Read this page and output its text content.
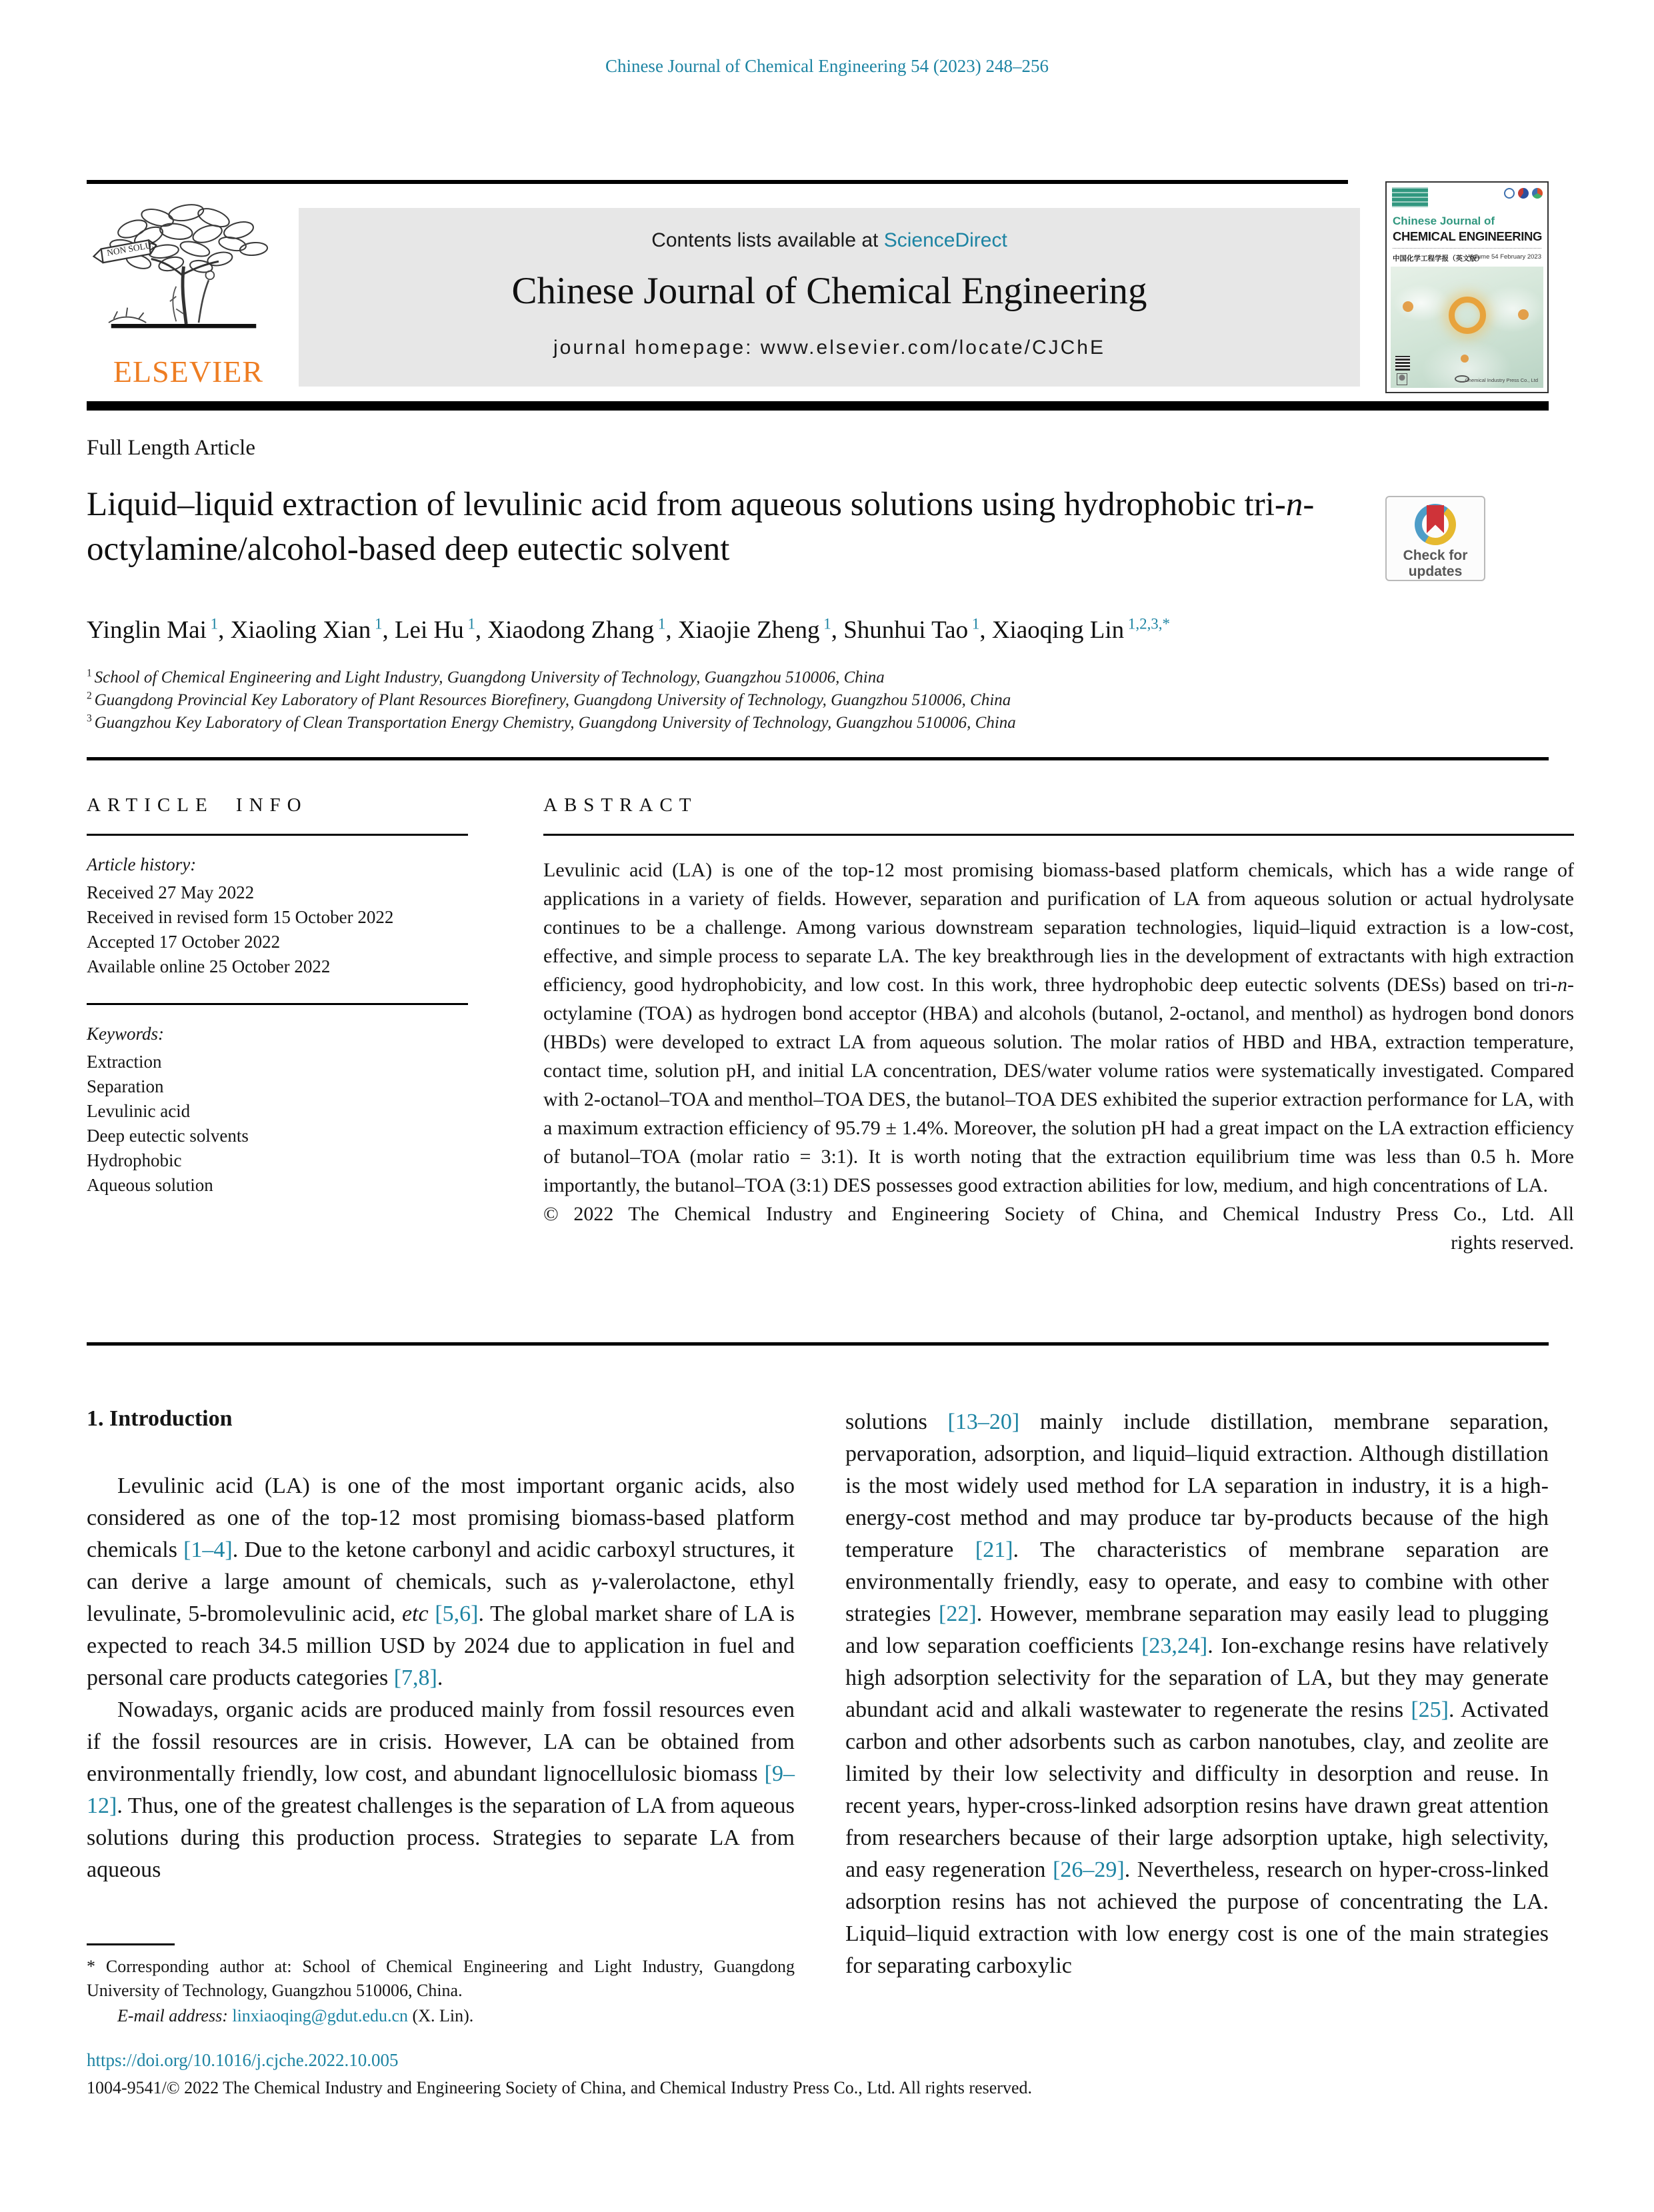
Chinese Journal of Chemical Engineering 54 (2023) 248–256
NON SOLUS
ELSEVIER
Contents lists available at ScienceDirect
Chinese Journal of Chemical Engineering
journal homepage: www.elsevier.com/locate/CJChE
Chinese Journal of
CHEMICAL ENGINEERING
中国化学工程学报（英文版）
Volume 54 February 2023
Chemical Industry Press Co., Ltd
Full Length Article
Liquid–liquid extraction of levulinic acid from aqueous solutions using hydrophobic tri-n-octylamine/alcohol-based deep eutectic solvent	Check for updates
Yinglin Mai $^1$, Xiaoling Xian $^1$, Lei Hu $^1$, Xiaodong Zhang $^1$, Xiaojie Zheng $^1$, Shunhui Tao $^1$, Xiaoqing Lin $^{1,2,3,*}$
$^1$ School of Chemical Engineering and Light Industry, Guangdong University of Technology, Guangzhou 510006, China
$^2$ Guangdong Provincial Key Laboratory of Plant Resources Biorefinery, Guangdong University of Technology, Guangzhou 510006, China
$^3$ Guangzhou Key Laboratory of Clean Transportation Energy Chemistry, Guangdong University of Technology, Guangzhou 510006, China
ARTICLE INFO
Article history:
Received 27 May 2022
Received in revised form 15 October 2022
Accepted 17 October 2022
Available online 25 October 2022
Keywords:
Extraction
Separation
Levulinic acid
Deep eutectic solvents
Hydrophobic
Aqueous solution
ABSTRACT
Levulinic acid (LA) is one of the top-12 most promising biomass-based platform chemicals, which has a wide range of applications in a variety of fields. However, separation and purification of LA from aqueous solution or actual hydrolysate continues to be a challenge. Among various downstream separation technologies, liquid–liquid extraction is a low-cost, effective, and simple process to separate LA. The key breakthrough lies in the development of extractants with high extraction efficiency, good hydrophobicity, and low cost. In this work, three hydrophobic deep eutectic solvents (DESs) based on tri-n-octylamine (TOA) as hydrogen bond acceptor (HBA) and alcohols (butanol, 2-octanol, and menthol) as hydrogen bond donors (HBDs) were developed to extract LA from aqueous solution. The molar ratios of HBD and HBA, extraction temperature, contact time, solution pH, and initial LA concentration, DES/water volume ratios were systematically investigated. Compared with 2-octanol–TOA and menthol–TOA DES, the butanol–TOA DES exhibited the superior extraction performance for LA, with a maximum extraction efficiency of 95.79 ± 1.4%. Moreover, the solution pH had a great impact on the LA extraction efficiency of butanol–TOA (molar ratio = 3:1). It is worth noting that the extraction equilibrium time was less than 0.5 h. More importantly, the butanol–TOA (3:1) DES possesses good extraction abilities for low, medium, and high concentrations of LA.
© 2022 The Chemical Industry and Engineering Society of China, and Chemical Industry Press Co., Ltd. All
rights reserved.
1. Introduction

Levulinic acid (LA) is one of the most important organic acids, also considered as one of the top-12 most promising biomass-based platform chemicals [1–4]. Due to the ketone carbonyl and acidic carboxyl structures, it can derive a large amount of chemicals, such as γ-valerolactone, ethyl levulinate, 5-bromolevulinic acid, etc [5,6]. The global market share of LA is expected to reach 34.5 million USD by 2024 due to application in fuel and personal care products categories [7,8].

Nowadays, organic acids are produced mainly from fossil resources even if the fossil resources are in crisis. However, LA can be obtained from environmentally friendly, low cost, and abundant lignocellulosic biomass [9–12]. Thus, one of the greatest challenges is the separation of LA from aqueous solutions during this production process. Strategies to separate LA from aqueous

solutions [13–20] mainly include distillation, membrane separation, pervaporation, adsorption, and liquid–liquid extraction. Although distillation is the most widely used method for LA separation in industry, it is a high-energy-cost method and may produce tar by-products because of the high temperature [21]. The characteristics of membrane separation are environmentally friendly, easy to operate, and easy to combine with other strategies [22]. However, membrane separation may easily lead to plugging and low separation coefficients [23,24]. Ion-exchange resins have relatively high adsorption selectivity for the separation of LA, but they may generate abundant acid and alkali wastewater to regenerate the resins [25]. Activated carbon and other adsorbents such as carbon nanotubes, clay, and zeolite are limited by their low selectivity and difficulty in desorption and reuse. In recent years, hyper-cross-linked adsorption resins have drawn great attention from researchers because of their large adsorption uptake, high selectivity, and easy regeneration [26–29]. Nevertheless, research on hyper-cross-linked adsorption resins has not achieved the purpose of concentrating the LA. Liquid–liquid extraction with low energy cost is one of the main strategies for separating carboxylic

* Corresponding author at: School of Chemical Engineering and Light Industry, Guangdong University of Technology, Guangzhou 510006, China.
E-mail address: linxiaoqing@gdut.edu.cn (X. Lin).
https://doi.org/10.1016/j.cjche.2022.10.005
1004-9541/© 2022 The Chemical Industry and Engineering Society of China, and Chemical Industry Press Co., Ltd. All rights reserved.
